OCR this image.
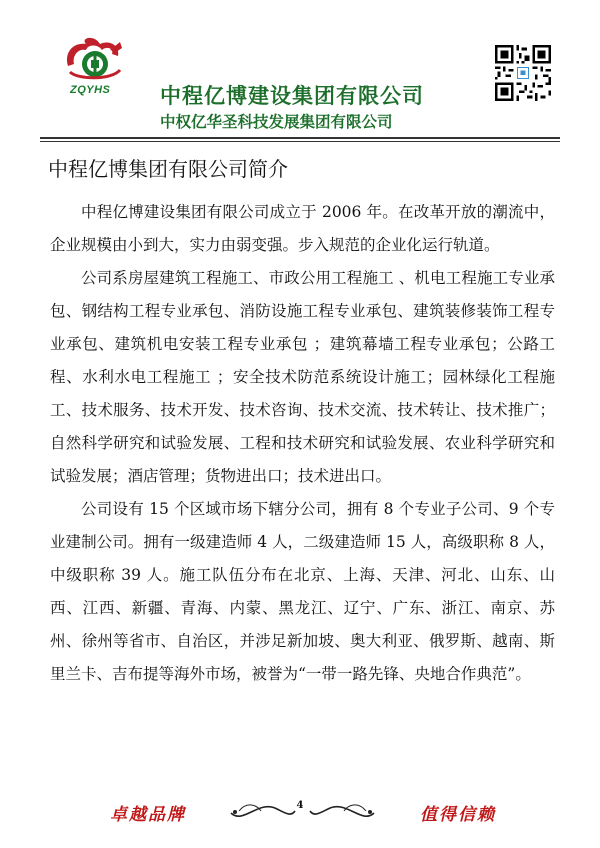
ZQYHS 中程亿博建设集团有限公司
中权亿华圣科技发展集团有限公司
中程亿博集团有限公司简介

中程亿博建设集团有限公司成立于 2006 年。在改革开放的潮流中，企业规模由小到大，实力由弱变强。步入规范的企业化运行轨道。

公司系房屋建筑工程施工、市政公用工程施工 、机电工程施工专业承包、钢结构工程专业承包、消防设施工程专业承包、建筑装修装饰工程专业承包、建筑机电安装工程专业承包 ；建筑幕墙工程专业承包；公路工程、水利水电工程施工 ；安全技术防范系统设计施工；园林绿化工程施工、技术服务、技术开发、技术咨询、技术交流、技术转让、技术推广；自然科学研究和试验发展、工程和技术研究和试验发展、农业科学研究和试验发展；酒店管理；货物进出口；技术进出口。

公司设有 15 个区域市场下辖分公司，拥有 8 个专业子公司、9 个专业建制公司。拥有一级建造师 4 人，二级建造师 15 人，高级职称 8 人，中级职称 39 人。施工队伍分布在北京、上海、天津、河北、山东、山西、江西、新疆、青海、内蒙、黑龙江、辽宁、广东、浙江、南京、苏州、徐州等省市、自治区，并涉足新加坡、奥大利亚、俄罗斯、越南、斯里兰卡、吉布提等海外市场，被誉为“一带一路先锋、央地合作典范”。

卓越品牌	4	值得信赖
